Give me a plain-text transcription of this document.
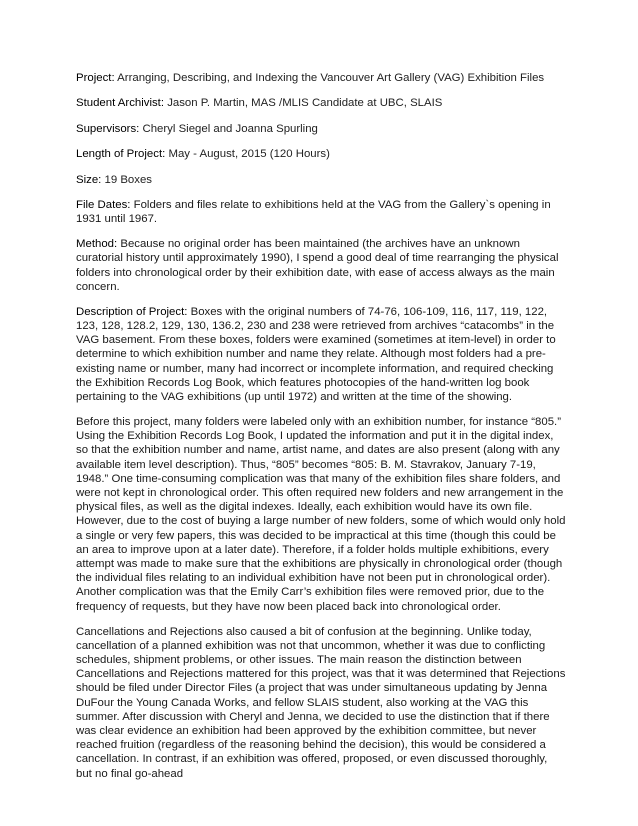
Project: Arranging, Describing, and Indexing the Vancouver Art Gallery (VAG) Exhibition Files
Student Archivist: Jason P. Martin, MAS /MLIS Candidate at UBC, SLAIS
Supervisors: Cheryl Siegel and Joanna Spurling
Length of Project: May - August, 2015 (120 Hours)
Size: 19 Boxes
File Dates: Folders and files relate to exhibitions held at the VAG from the Gallery`s opening in 1931 until 1967.
Method: Because no original order has been maintained (the archives have an unknown curatorial history until approximately 1990), I spend a good deal of time rearranging the physical folders into chronological order by their exhibition date, with ease of access always as the main concern.
Description of Project: Boxes with the original numbers of 74-76, 106-109, 116, 117, 119, 122, 123, 128, 128.2, 129, 130, 136.2, 230 and 238 were retrieved from archives “catacombs” in the VAG basement. From these boxes, folders were examined (sometimes at item-level) in order to determine to which exhibition number and name they relate. Although most folders had a pre-existing name or number, many had incorrect or incomplete information, and required checking the Exhibition Records Log Book, which features photocopies of the hand-written log book pertaining to the VAG exhibitions (up until 1972) and written at the time of the showing.

Before this project, many folders were labeled only with an exhibition number, for instance “805.” Using the Exhibition Records Log Book, I updated the information and put it in the digital index, so that the exhibition number and name, artist name, and dates are also present (along with any available item level description). Thus, “805” becomes “805: B. M. Stavrakov, January 7-19, 1948.” One time-consuming complication was that many of the exhibition files share folders, and were not kept in chronological order. This often required new folders and new arrangement in the physical files, as well as the digital indexes. Ideally, each exhibition would have its own file. However, due to the cost of buying a large number of new folders, some of which would only hold a single or very few papers, this was decided to be impractical at this time (though this could be an area to improve upon at a later date). Therefore, if a folder holds multiple exhibitions, every attempt was made to make sure that the exhibitions are physically in chronological order (though the individual files relating to an individual exhibition have not been put in chronological order). Another complication was that the Emily Carr’s exhibition files were removed prior, due to the frequency of requests, but they have now been placed back into chronological order.

Cancellations and Rejections also caused a bit of confusion at the beginning. Unlike today, cancellation of a planned exhibition was not that uncommon, whether it was due to conflicting schedules, shipment problems, or other issues. The main reason the distinction between Cancellations and Rejections mattered for this project, was that it was determined that Rejections should be filed under Director Files (a project that was under simultaneous updating by Jenna DuFour the Young Canada Works, and fellow SLAIS student, also working at the VAG this summer. After discussion with Cheryl and Jenna, we decided to use the distinction that if there was clear evidence an exhibition had been approved by the exhibition committee, but never reached fruition (regardless of the reasoning behind the decision), this would be considered a cancellation. In contrast, if an exhibition was offered, proposed, or even discussed thoroughly, but no final go-ahead
